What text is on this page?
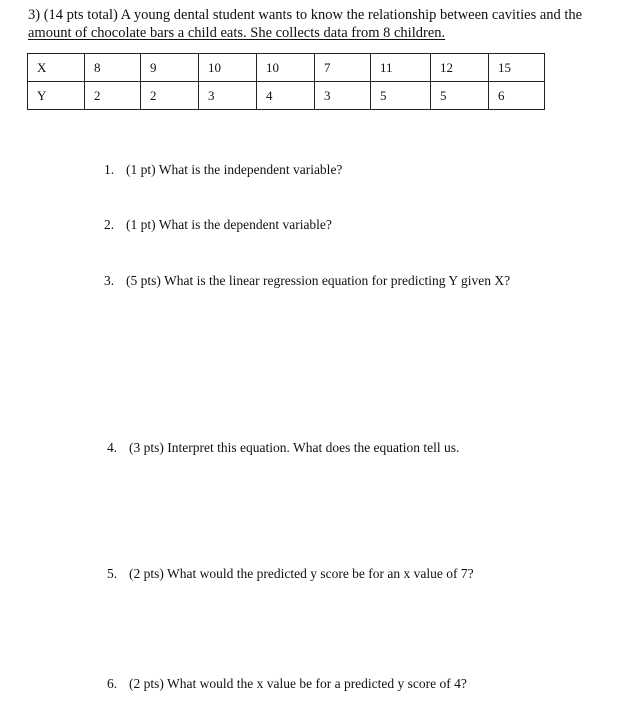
3) (14 pts total) A young dental student wants to know the relationship between cavities and the
amount of chocolate bars a child eats. She collects data from 8 children.
X	8	9	10	10	7	11	12	15
Y	2	2	3	4	3	5	5	6
1. (1 pt) What is the independent variable?
2. (1 pt) What is the dependent variable?
3. (5 pts) What is the linear regression equation for predicting Y given X?
4. (3 pts) Interpret this equation. What does the equation tell us.
5. (2 pts) What would the predicted y score be for an x value of 7?
6. (2 pts) What would the x value be for a predicted y score of 4?
